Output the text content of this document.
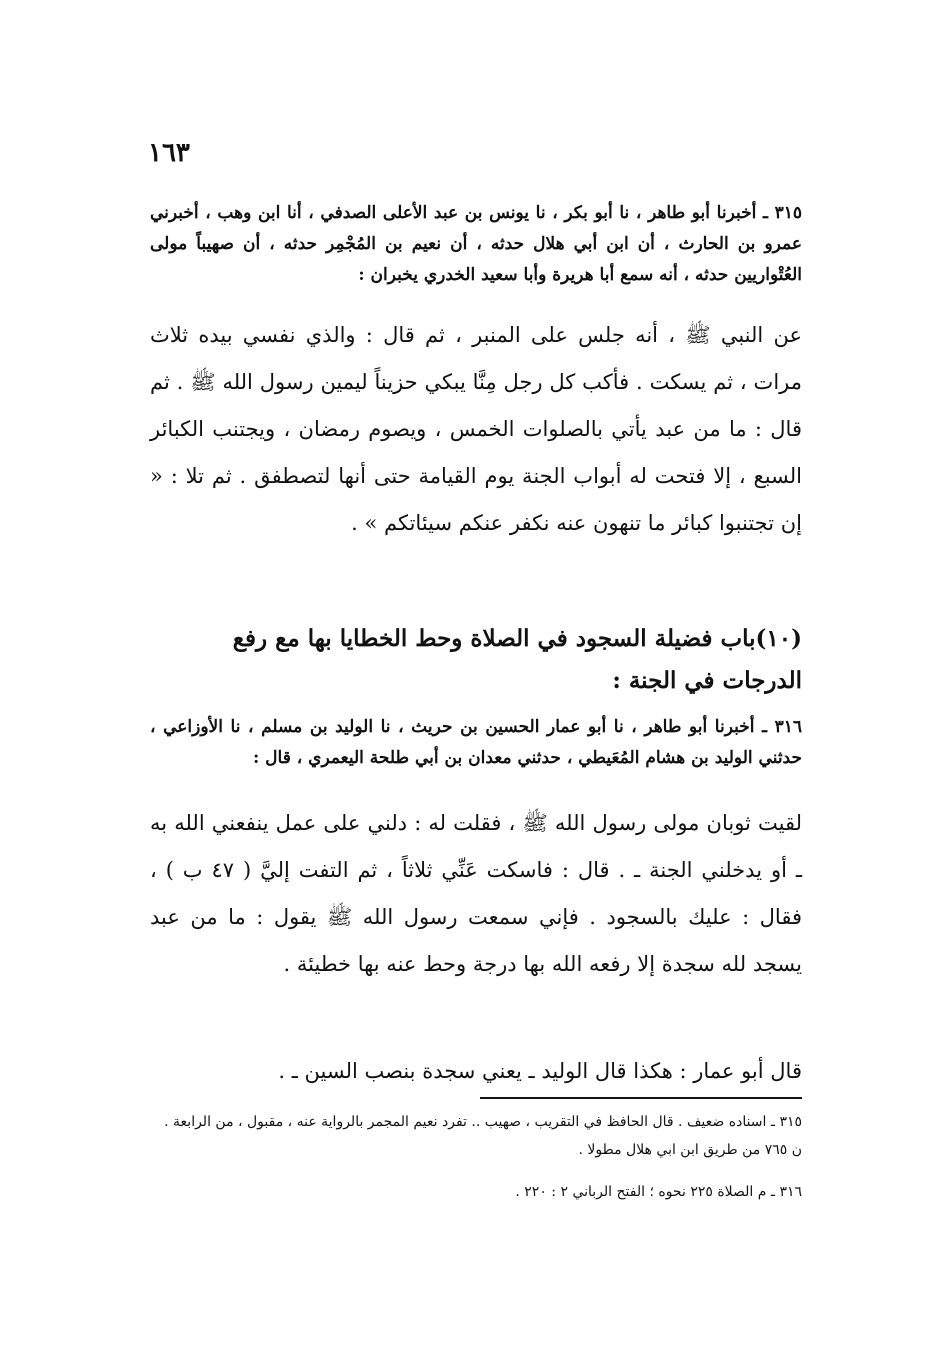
١٦٣
٣١٥ ـ أخبرنا أبو طاهر ، نا أبو بكر ، نا يونس بن عبد الأعلى الصدفي ، أنا ابن وهب ، أخبرني عمرو بن الحارث ، أن ابن أبي هلال حدثه ، أن نعيم بن المُجْمِر حدثه ، أن صهيباً مولى العُتْواريين حدثه ، أنه سمع أبا هريرة وأبا سعيد الخدري يخبران :
عن النبي ﷺ ، أنه جلس على المنبر ، ثم قال : والذي نفسي بيده ثلاث مرات ، ثم يسكت . فأكب كل رجل مِنَّا يبكي حزيناً ليمين رسول الله ﷺ . ثم قال : ما من عبد يأتي بالصلوات الخمس ، ويصوم رمضان ، ويجتنب الكبائر السبع ، إلا فتحت له أبواب الجنة يوم القيامة حتى أنها لتصطفق . ثم تلا : « إن تجتنبوا كبائر ما تنهون عنه نكفر عنكم سيئاتكم » .
(١٠)باب فضيلة السجود في الصلاة وحط الخطايا بها مع رفع الدرجات في الجنة :
٣١٦ ـ أخبرنا أبو طاهر ، نا أبو عمار الحسين بن حريث ، نا الوليد بن مسلم ، نا الأوزاعي ، حدثني الوليد بن هشام المُعَيطي ، حدثني معدان بن أبي طلحة اليعمري ، قال :
لقيت ثوبان مولى رسول الله ﷺ ، فقلت له : دلني على عمل ينفعني الله به ـ أو يدخلني الجنة ـ . قال : فاسكت عَنِّي ثلاثاً ، ثم التفت إليَّ ( ٤٧ ب ) ، فقال : عليك بالسجود . فإني سمعت رسول الله ﷺ يقول : ما من عبد يسجد لله سجدة إلا رفعه الله بها درجة وحط عنه بها خطيئة .
قال أبو عمار : هكذا قال الوليد ـ يعني سجدة بنصب السين ـ .
٣١٥ ـ اسناده ضعيف . قال الحافظ في التقريب ، صهيب .. تفرد نعيم المجمر بالرواية عنه ، مقبول ، من الرابعة . ن ٧٦٥ من طريق ابن ابي هلال مطولا .
٣١٦ ـ م الصلاة ٢٢٥ نحوه ؛ الفتح الرباني ٢ : ٢٢٠ .
